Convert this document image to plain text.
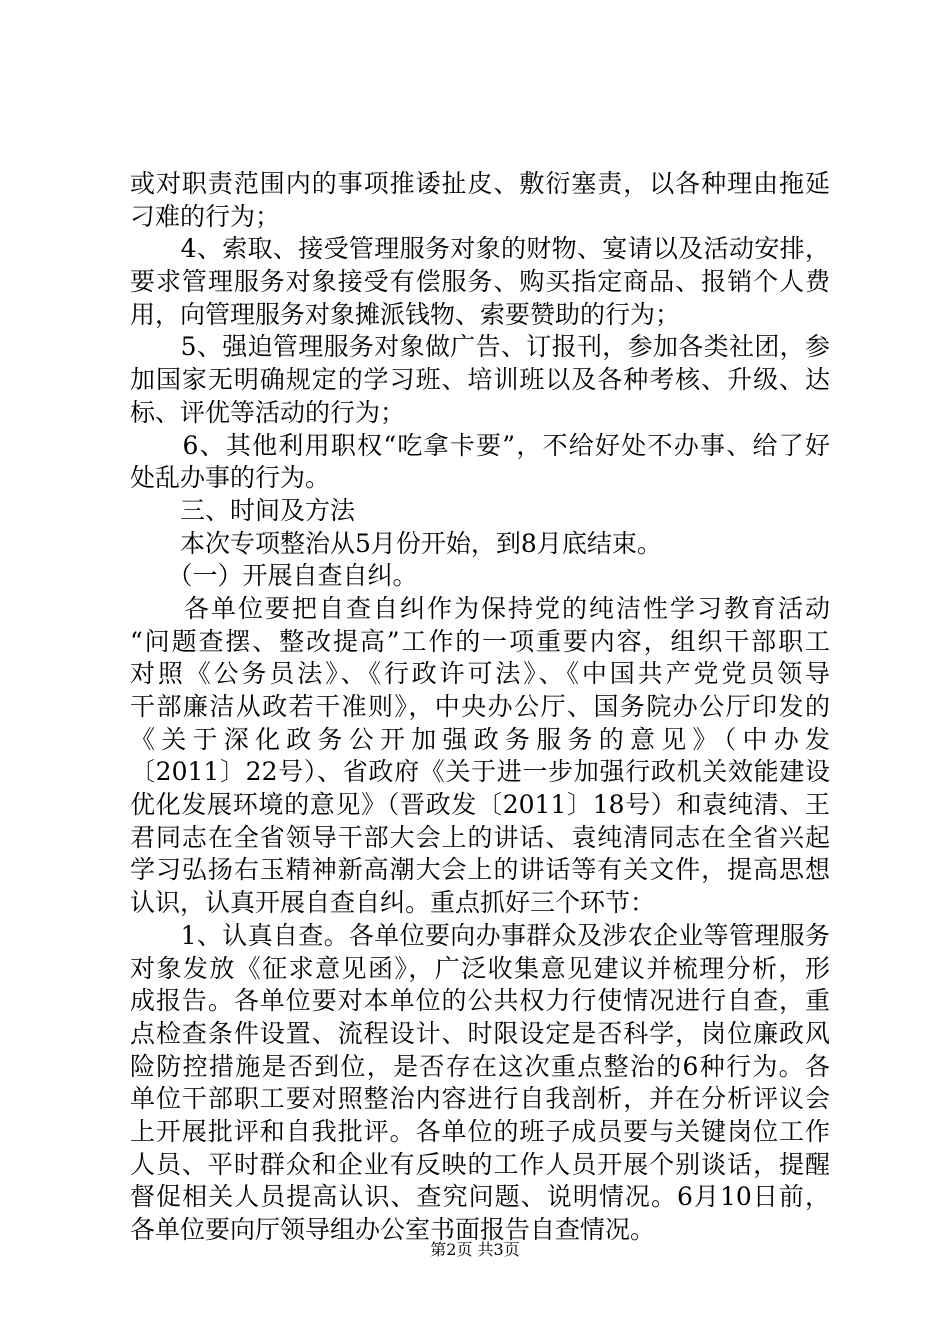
或对职责范围内的事项推诿扯皮、敷衍塞责，以各种理由拖延
刁难的行为；
　　4、索取、接受管理服务对象的财物、宴请以及活动安排，
要求管理服务对象接受有偿服务、购买指定商品、报销个人费
用，向管理服务对象摊派钱物、索要赞助的行为；
　　5、强迫管理服务对象做广告、订报刊，参加各类社团，参
加国家无明确规定的学习班、培训班以及各种考核、升级、达
标、评优等活动的行为；
　　6、其他利用职权“吃拿卡要”，不给好处不办事、给了好
处乱办事的行为。
　　三、时间及方法
　　本次专项整治从5月份开始，到8月底结束。
　　（一）开展自查自纠。
　　各单位要把自查自纠作为保持党的纯洁性学习教育活动
“问题查摆、整改提高”工作的一项重要内容，组织干部职工
对照《公务员法》、《行政许可法》、《中国共产党党员领导
干部廉洁从政若干准则》，中央办公厅、国务院办公厅印发的
《关于深化政务公开加强政务服务的意见》（中办发
〔2011〕22号）、省政府《关于进一步加强行政机关效能建设
优化发展环境的意见》（晋政发〔2011〕18号）和袁纯清、王
君同志在全省领导干部大会上的讲话、袁纯清同志在全省兴起
学习弘扬右玉精神新高潮大会上的讲话等有关文件，提高思想
认识，认真开展自查自纠。重点抓好三个环节：
　　1、认真自查。各单位要向办事群众及涉农企业等管理服务
对象发放《征求意见函》，广泛收集意见建议并梳理分析，形
成报告。各单位要对本单位的公共权力行使情况进行自查，重
点检查条件设置、流程设计、时限设定是否科学，岗位廉政风
险防控措施是否到位，是否存在这次重点整治的6种行为。各
单位干部职工要对照整治内容进行自我剖析，并在分析评议会
上开展批评和自我批评。各单位的班子成员要与关键岗位工作
人员、平时群众和企业有反映的工作人员开展个别谈话，提醒
督促相关人员提高认识、查究问题、说明情况。6月10日前，
各单位要向厅领导组办公室书面报告自查情况。
第2页 共3页
